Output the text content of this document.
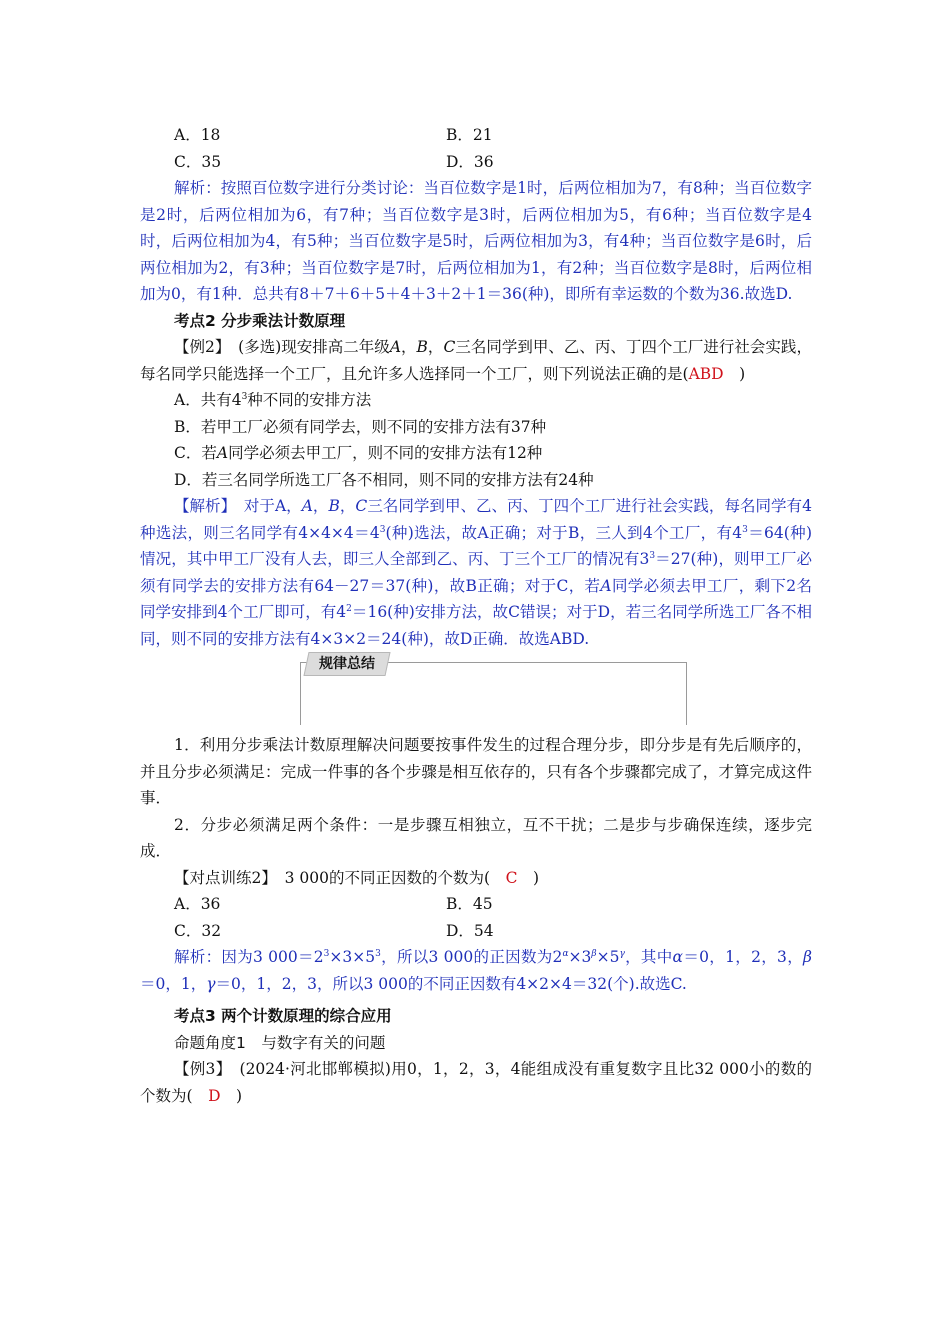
A．18	B．21
C．35	D．36

解析：按照百位数字进行分类讨论：当百位数字是1时，后两位相加为7，有8种；当百位数字是2时，后两位相加为6，有7种；当百位数字是3时，后两位相加为5，有6种；当百位数字是4时，后两位相加为4，有5种；当百位数字是5时，后两位相加为3，有4种；当百位数字是6时，后两位相加为2，有3种；当百位数字是7时，后两位相加为1，有2种；当百位数字是8时，后两位相加为0，有1种．总共有8＋7＋6＋5＋4＋3＋2＋1＝36(种)，即所有幸运数的个数为36.故选D.

考点2 分步乘法计数原理

【例2】　 (多选)现安排高二年级A，B，C三名同学到甲、乙、丙、丁四个工厂进行社会实践，每名同学只能选择一个工厂，且允许多人选择同一个工厂，则下列说法正确的是(ABD　 )

A．共有$4^3$种不同的安排方法

B．若甲工厂必须有同学去，则不同的安排方法有37种

C．若A同学必须去甲工厂，则不同的安排方法有12种

D．若三名同学所选工厂各不相同，则不同的安排方法有24种

【解析】　 对于A，A，B，C三名同学到甲、乙、丙、丁四个工厂进行社会实践，每名同学有4种选法，则三名同学有$4\times 4\times 4=4^3$(种)选法，故A正确；对于B，三人到4个工厂，有$4^3=64$(种)情况，其中甲工厂没有人去，即三人全部到乙、丙、丁三个工厂的情况有$3^3=27$(种)，则甲工厂必须有同学去的安排方法有64－27＝37(种)，故B正确；对于C，若A同学必须去甲工厂，剩下2名同学安排到4个工厂即可，有$4^2=16$(种)安排方法，故C错误；对于D，若三名同学所选工厂各不相同，则不同的安排方法有4×3×2＝24(种)，故D正确．故选ABD.

规律总结

1．利用分步乘法计数原理解决问题要按事件发生的过程合理分步，即分步是有先后顺序的，并且分步必须满足：完成一件事的各个步骤是相互依存的，只有各个步骤都完成了，才算完成这件事．

2．分步必须满足两个条件：一是步骤互相独立，互不干扰；二是步与步确保连续，逐步完成．

【对点训练2】　 3 000的不同正因数的个数为(　 C　 )

A．36	B．45
C．32	D．54

解析：因为3 $000=2^3\times 3\times 5^3$，所以3 000的正因数为$2^\alpha\times 3^\beta\times 5^\gamma$，其中α＝0，1，2，3，β＝0，1，γ＝0，1，2，3，所以3 000的不同正因数有4×2×4＝32(个).故选C.

考点3 两个计数原理的综合应用

命题角度1　与数字有关的问题

【例3】　 (2024·河北邯郸模拟)用0，1，2，3，4能组成没有重复数字且比32 000小的数的个数为(　 D　 )
